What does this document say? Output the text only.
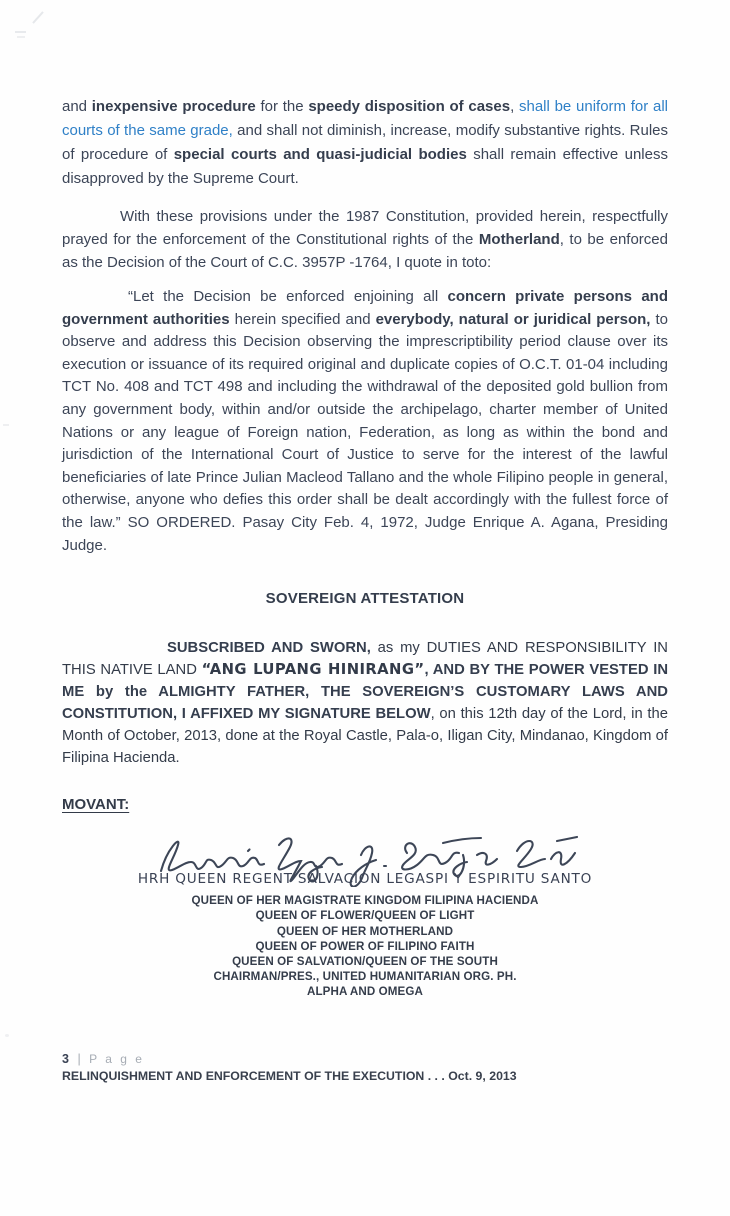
and inexpensive procedure for the speedy disposition of cases, shall be uniform for all courts of the same grade, and shall not diminish, increase, modify substantive rights. Rules of procedure of special courts and quasi-judicial bodies shall remain effective unless disapproved by the Supreme Court.

With these provisions under the 1987 Constitution, provided herein, respectfully prayed for the enforcement of the Constitutional rights of the Motherland, to be enforced as the Decision of the Court of C.C. 3957P -1764, I quote in toto:

“Let the Decision be enforced enjoining all concern private persons and government authorities herein specified and everybody, natural or juridical person, to observe and address this Decision observing the imprescriptibility period clause over its execution or issuance of its required original and duplicate copies of O.C.T. 01-04 including TCT No. 408 and TCT 498 and including the withdrawal of the deposited gold bullion from any government body, within and/or outside the archipelago, charter member of United Nations or any league of Foreign nation, Federation, as long as within the bond and jurisdiction of the International Court of Justice to serve for the interest of the lawful beneficiaries of late Prince Julian Macleod Tallano and the whole Filipino people in general, otherwise, anyone who defies this order shall be dealt accordingly with the fullest force of the law.” SO ORDERED. Pasay City Feb. 4, 1972, Judge Enrique A. Agana, Presiding Judge.

SOVEREIGN ATTESTATION

SUBSCRIBED AND SWORN, as my DUTIES AND RESPONSIBILITY IN THIS NATIVE LAND “ANG LUPANG HINIRANG”, AND BY THE POWER VESTED IN ME by the ALMIGHTY FATHER, THE SOVEREIGN’S CUSTOMARY LAWS AND CONSTITUTION, I AFFIXED MY SIGNATURE BELOW, on this 12th day of the Lord, in the Month of October, 2013, done at the Royal Castle, Pala-o, Iligan City, Mindanao, Kingdom of Filipina Hacienda.

MOVANT:

HRH QUEEN REGENT SALVACION LEGASPI Y ESPIRITU SANTO
QUEEN OF HER MAGISTRATE KINGDOM FILIPINA HACIENDA
QUEEN OF FLOWER/QUEEN OF LIGHT
QUEEN OF HER MOTHERLAND
QUEEN OF POWER OF FILIPINO FAITH
QUEEN OF SALVATION/QUEEN OF THE SOUTH
CHAIRMAN/PRES., UNITED HUMANITARIAN ORG. PH.
ALPHA AND OMEGA
3 | P a g e
RELINQUISHMENT AND ENFORCEMENT OF THE EXECUTION . . . Oct. 9, 2013
